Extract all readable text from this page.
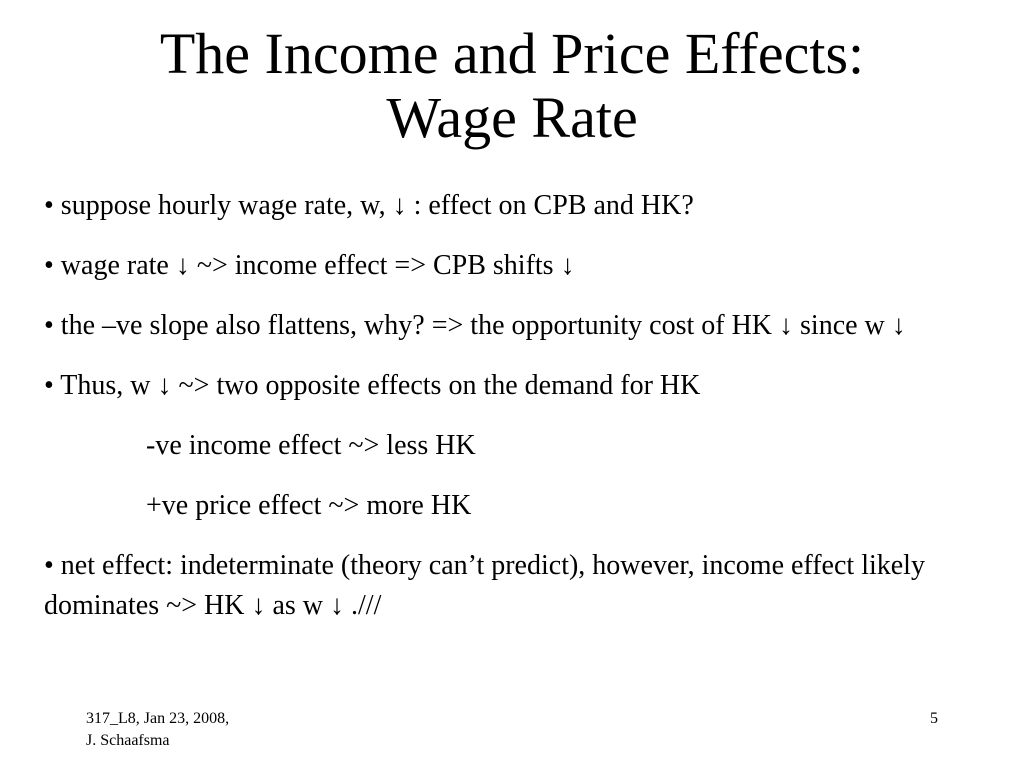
The Income and Price Effects:
Wage Rate

• suppose hourly wage rate, w, ↓ : effect on CPB and HK?

• wage rate ↓ ~> income effect => CPB shifts ↓

• the –ve slope also flattens, why? => the opportunity cost of HK ↓ since w ↓

• Thus, w ↓ ~> two opposite effects on the demand for HK

-ve income effect ~> less HK

+ve price effect ~> more HK

• net effect: indeterminate (theory can’t predict), however, income effect likely dominates ~> HK ↓ as w ↓ .///

317_L8, Jan 23, 2008,
J. Schaafsma
5
